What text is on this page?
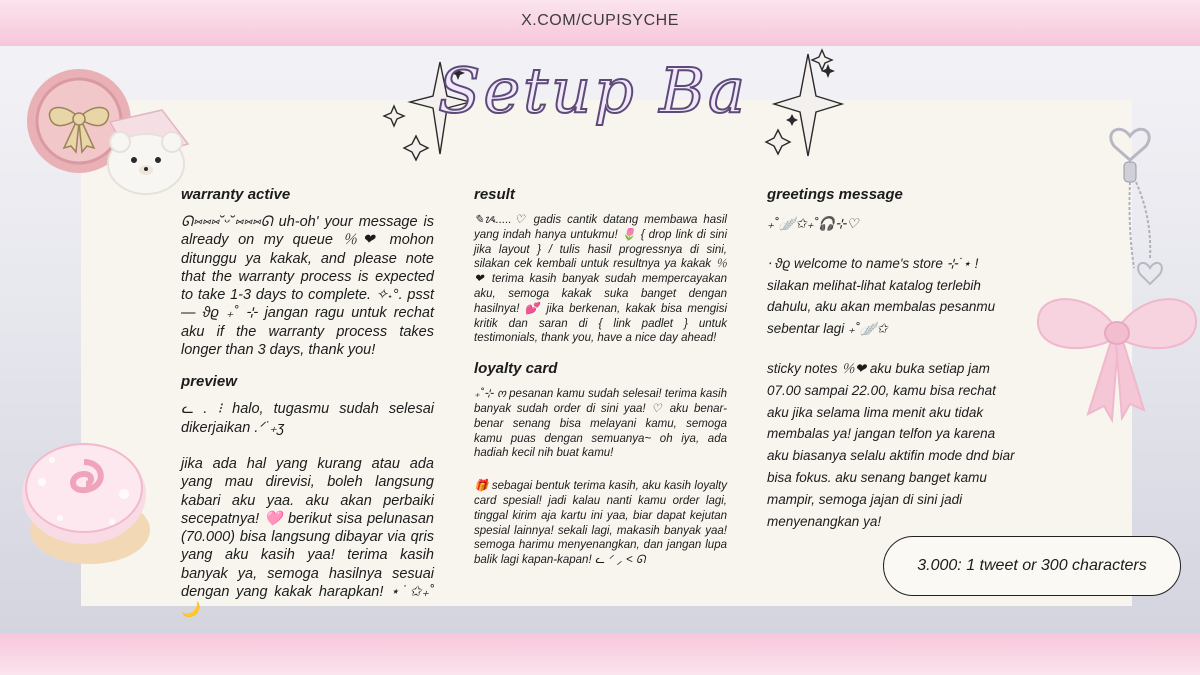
X.COM/CUPISYCHE
Setup Ba
warranty active

ᘏ⑅⑅⑅˘ᵕ˘⑅⑅⑅ᘏ uh-oh' your message is already on my queue ％❤ mohon ditunggu ya kakak, and please note that the warranty process is expected to take 1-3 days to complete. ✧˖°. psst — ϑϱ ₊˚ ⊹ jangan ragu untuk rechat aku if the warranty process takes longer than 3 days, thank you!

preview

ᓚ . ⁝ halo, tugasmu sudah selesai dikerjaikan .ᐟ˙₊ʒ

jika ada hal yang kurang atau ada yang mau direvisi, boleh langsung kabari aku yaa. aku akan perbaiki secepatnya! 🩷 berikut sisa pelunasan (70.000) bisa langsung dibayar via qris yang aku kasih yaa! terima kasih banyak ya, semoga hasilnya sesuai dengan yang kakak harapkan! ⋆˙✩₊˚🌙

result

✎ᝰ.....♡ gadis cantik datang membawa hasil yang indah hanya untukmu! 🌷 { drop link di sini jika layout } / tulis hasil progressnya di sini, silakan cek kembali untuk resultnya ya kakak ％❤ terima kasih banyak sudah mempercayakan aku, semoga kakak suka banget dengan hasilnya! 💕 jika berkenan, kakak bisa mengisi kritik dan saran di { link padlet } untuk testimonials, thank you, have a nice day ahead!

loyalty card

₊˚⊹ ო pesanan kamu sudah selesai! terima kasih banyak sudah order di sini yaa! ♡ aku benar-benar senang bisa melayani kamu, semoga kamu puas dengan semuanya~ oh iya, ada hadiah kecil nih buat kamu!

🎁 sebagai bentuk terima kasih, aku kasih loyalty card spesial! jadi kalau nanti kamu order lagi, tinggal kirim aja kartu ini yaa, biar dapat kejutan spesial lainnya! sekali lagi, makasih banyak yaa! semoga harimu menyenangkan, dan jangan lupa balik lagi kapan-kapan! ᓚ ᐟ ⸝ ˂ ᘏ

greetings message

₊˚🪽✩₊˚🎧⊹♡

⋅ ϑϱ welcome to name's store ⊹˙⋆ ! silakan melihat-lihat katalog terlebih dahulu, aku akan membalas pesanmu sebentar lagi ₊˚🪽✩

sticky notes ％❤ aku buka setiap jam 07.00 sampai 22.00, kamu bisa rechat aku jika selama lima menit aku tidak membalas ya! jangan telfon ya karena aku biasanya selalu aktifin mode dnd biar bisa fokus. aku senang banget kamu mampir, semoga jajan di sini jadi menyenangkan ya!

3.000: 1 tweet or 300 characters
